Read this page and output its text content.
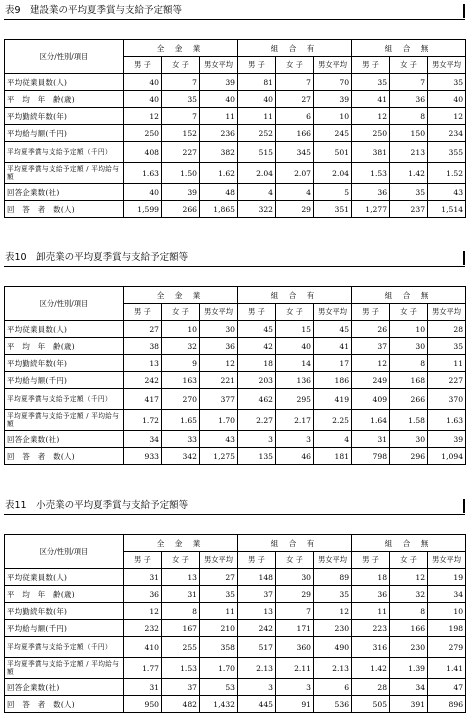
表9　建設業の平均夏季賞与支給予定額等
区分/性別/項目	全 金 業			組 合 有			組 合 無		
	男 子	女 子	男女平均	男 子	女 子	男女平均	男 子	女 子	男女平均
平均従業員数(人)	40	7	39	81	7	70	35	7	35
平　均　年　齢(歳)	40	35	40	40	27	39	41	36	40
平均勤続年数(年)	12	7	11	11	6	10	12	8	12
平均給与額(千円)	250	152	236	252	166	245	250	150	234
平均夏季賞与支給予定額（千円）	408	227	382	515	345	501	381	213	355
平均夏季賞与支給予定額 / 平均給与額	1.63	1.50	1.62	2.04	2.07	2.04	1.53	1.42	1.52
回答企業数(社)	40	39	48	4	4	5	36	35	43
回　答　者　数(人)	1,599	266	1,865	322	29	351	1,277	237	1,514
表10　卸売業の平均夏季賞与支給予定額等
区分/性別/項目	全 金 業			組 合 有			組 合 無		
	男 子	女 子	男女平均	男 子	女 子	男女平均	男 子	女 子	男女平均
平均従業員数(人)	27	10	30	45	15	45	26	10	28
平　均　年　齢(歳)	38	32	36	42	40	41	37	30	35
平均勤続年数(年)	13	9	12	18	14	17	12	8	11
平均給与額(千円)	242	163	221	203	136	186	249	168	227
平均夏季賞与支給予定額（千円）	417	270	377	462	295	419	409	266	370
平均夏季賞与支給予定額 / 平均給与額	1.72	1.65	1.70	2.27	2.17	2.25	1.64	1.58	1.63
回答企業数(社)	34	33	43	3	3	4	31	30	39
回　答　者　数(人)	933	342	1,275	135	46	181	798	296	1,094
表11　小売業の平均夏季賞与支給予定額等
区分/性別/項目	全 金 業			組 合 有			組 合 無		
	男 子	女 子	男女平均	男 子	女 子	男女平均	男 子	女 子	男女平均
平均従業員数(人)	31	13	27	148	30	89	18	12	19
平　均　年　齢(歳)	36	31	35	37	29	35	36	32	34
平均勤続年数(年)	12	8	11	13	7	12	11	8	10
平均給与額(千円)	232	167	210	242	171	230	223	166	198
平均夏季賞与支給予定額（千円）	410	255	358	517	360	490	316	230	279
平均夏季賞与支給予定額 / 平均給与額	1.77	1.53	1.70	2.13	2.11	2.13	1.42	1.39	1.41
回答企業数(社)	31	37	53	3	3	6	28	34	47
回　答　者　数(人)	950	482	1,432	445	91	536	505	391	896
